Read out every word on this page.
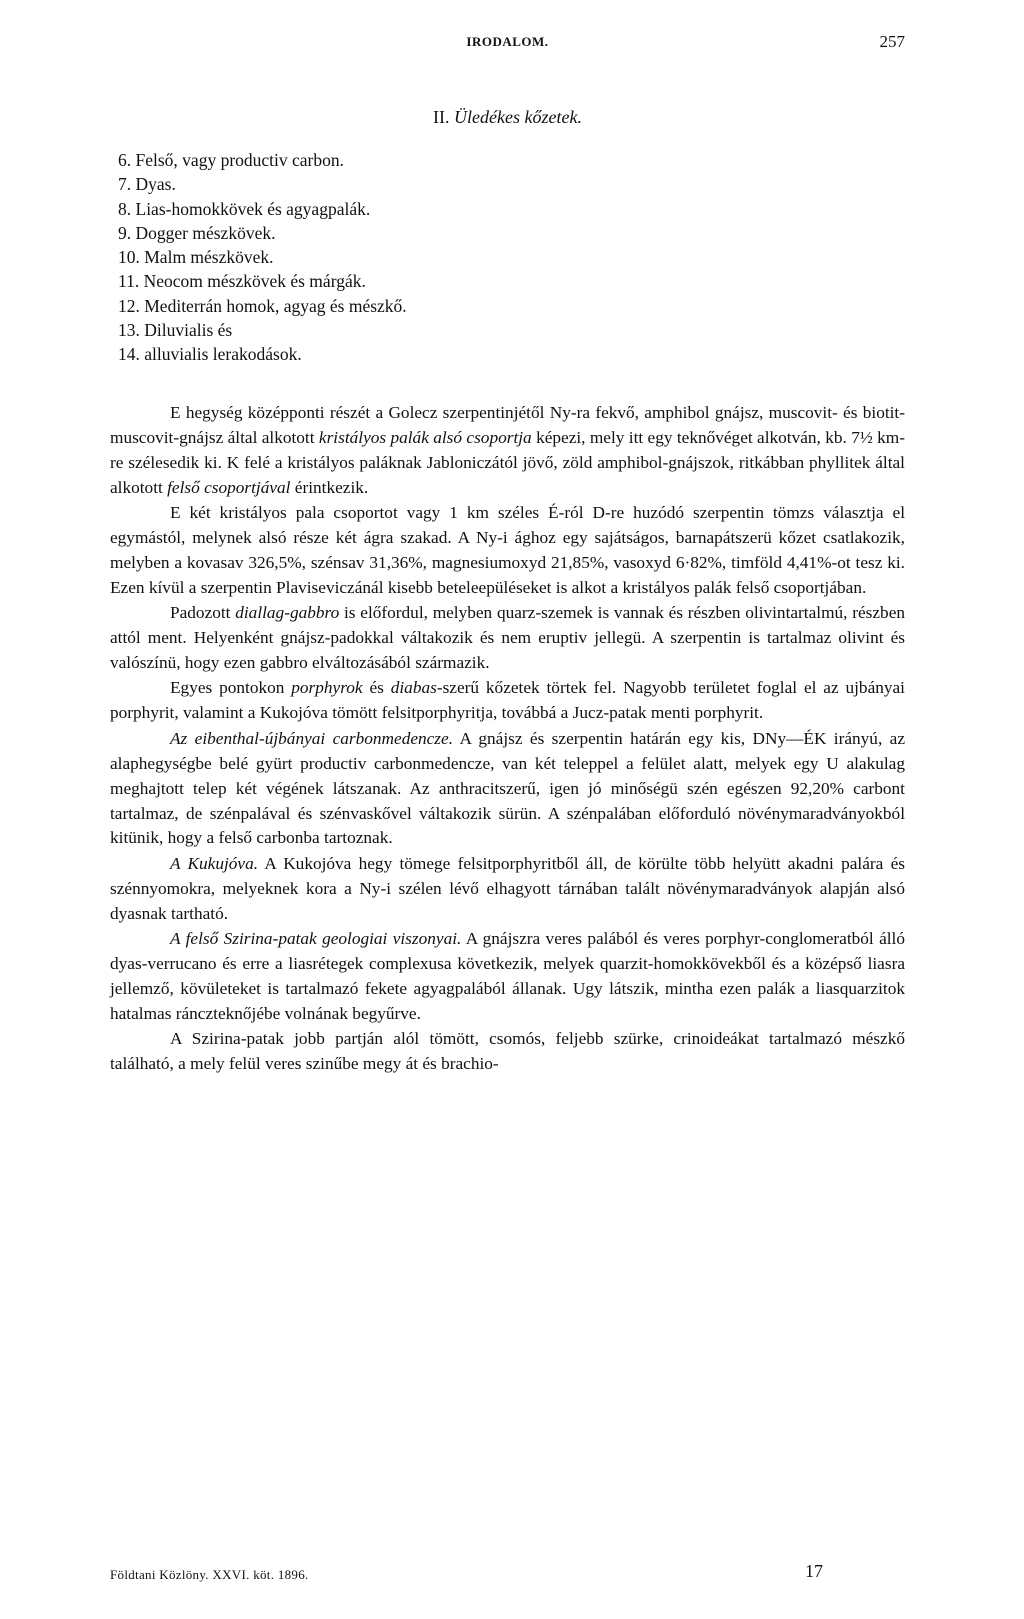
IRODALOM.	257
II. Üledékes kőzetek.
6. Felső, vagy productiv carbon.
7. Dyas.
8. Lias-homokkövek és agyagpalák.
9. Dogger mészkövek.
10. Malm mészkövek.
11. Neocom mészkövek és márgák.
12. Mediterrán homok, agyag és mészkő.
13. Diluvialis és
14. alluvialis lerakodások.

E hegység középponti részét a Golecz szerpentinjétől Ny-ra fekvő, amphibol gnájsz, muscovit- és biotit-muscovit-gnájsz által alkotott kristályos palák alsó csoportja képezi, mely itt egy teknővéget alkotván, kb. 7½ km-re szélesedik ki. K felé a kristályos paláknak Jabloniczától jövő, zöld amphibol-gnájszok, ritkábban phyllitek által alkotott felső csoportjával érintkezik.

E két kristályos pala csoportot vagy 1 km széles É-ról D-re huzódó szerpentin tömzs választja el egymástól, melynek alsó része két ágra szakad. A Ny-i ághoz egy sajátságos, barnapátszerü kőzet csatlakozik, melyben a kovasav 326,5%, szénsav 31,36%, magnesiumoxyd 21,85%, vasoxyd 6·82%, timföld 4,41%-ot tesz ki. Ezen kívül a szerpentin Plaviseviczánál kisebb beteleepüléseket is alkot a kristályos palák felső csoportjában.

Padozott diallag-gabbro is előfordul, melyben quarz-szemek is vannak és részben olivintartalmú, részben attól ment. Helyenként gnájsz-padokkal váltakozik és nem eruptiv jellegü. A szerpentin is tartalmaz olivint és valószínü, hogy ezen gabbro elváltozásából származik.

Egyes pontokon porphyrok és diabas-szerű kőzetek törtek fel. Nagyobb területet foglal el az ujbányai porphyrit, valamint a Kukojóva tömött felsitporphyritja, továbbá a Jucz-patak menti porphyrit.

Az eibenthal-újbányai carbonmedencze. A gnájsz és szerpentin határán egy kis, DNy—ÉK irányú, az alaphegységbe belé gyürt productiv carbonmedencze, van két teleppel a felület alatt, melyek egy U alakulag meghajtott telep két végének látszanak. Az anthracitszerű, igen jó minőségü szén egészen 92,20% carbont tartalmaz, de szénpalával és szénvaskővel váltakozik sürün. A szénpalában előforduló növénymaradványokból kitünik, hogy a felső carbonba tartoznak.

A Kukujóva. A Kukojóva hegy tömege felsitporphyritből áll, de körülte több helyütt akadni palára és szénnyomokra, melyeknek kora a Ny-i szélen lévő elhagyott tárnában talált növénymaradványok alapján alsó dyasnak tartható.

A felső Szirina-patak geologiai viszonyai. A gnájszra veres palából és veres porphyr-conglomeratból álló dyas-verrucano és erre a liasrétegek complexusa következik, melyek quarzit-homokkövekből és a középső liasra jellemző, kövületeket is tartalmazó fekete agyagpalából állanak. Ugy látszik, mintha ezen palák a liasquarzitok hatalmas ránczteknőjébe volnának begyűrve.

A Szirina-patak jobb partján alól tömött, csomós, feljebb szürke, crinoideákat tartalmazó mészkő található, a mely felül veres szinűbe megy át és brachio-

Földtani Közlöny. XXVI. köt. 1896.	17
